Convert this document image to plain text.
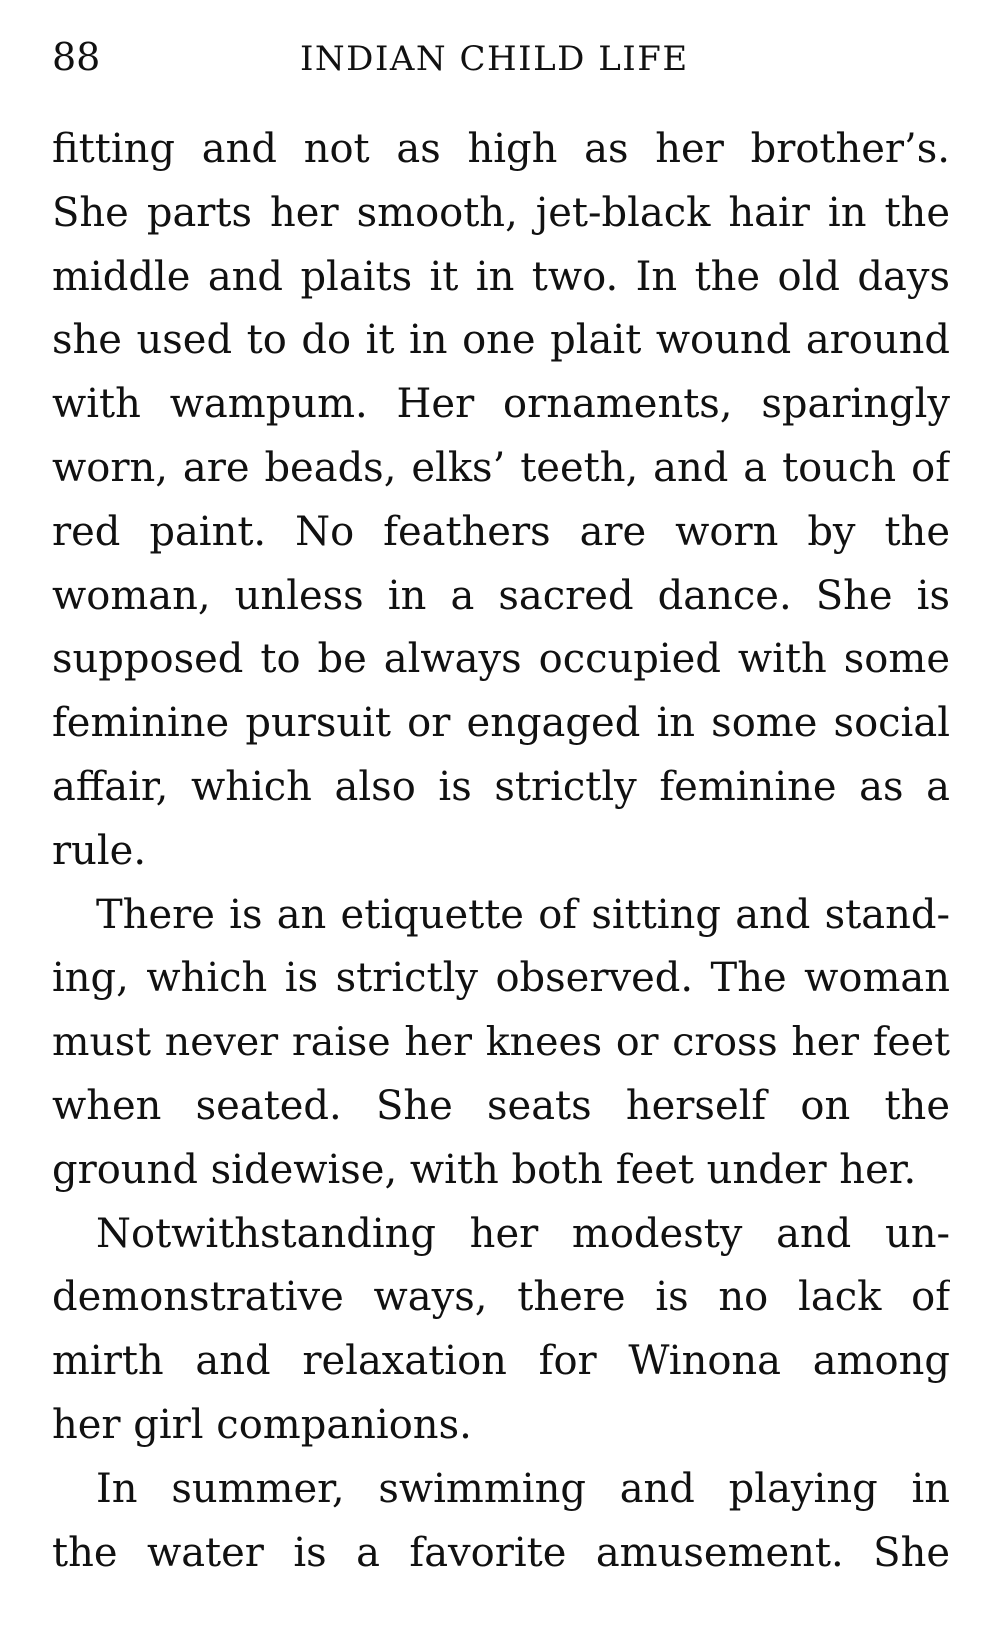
88	INDIAN CHILD LIFE
fitting and not as high as her brother’s.
She parts her smooth, jet-black hair in the
middle and plaits it in two. In the old days
she used to do it in one plait wound around
with wampum. Her ornaments, sparingly
worn, are beads, elks’ teeth, and a touch of
red paint. No feathers are worn by the
woman, unless in a sacred dance. She is
supposed to be always occupied with some
feminine pursuit or engaged in some social
affair, which also is strictly feminine as a
rule.
There is an etiquette of sitting and stand-
ing, which is strictly observed. The woman
must never raise her knees or cross her feet
when seated. She seats herself on the
ground sidewise, with both feet under her.
Notwithstanding her modesty and un-
demonstrative ways, there is no lack of
mirth and relaxation for Winona among
her girl companions.
In summer, swimming and playing in
the water is a favorite amusement. She
